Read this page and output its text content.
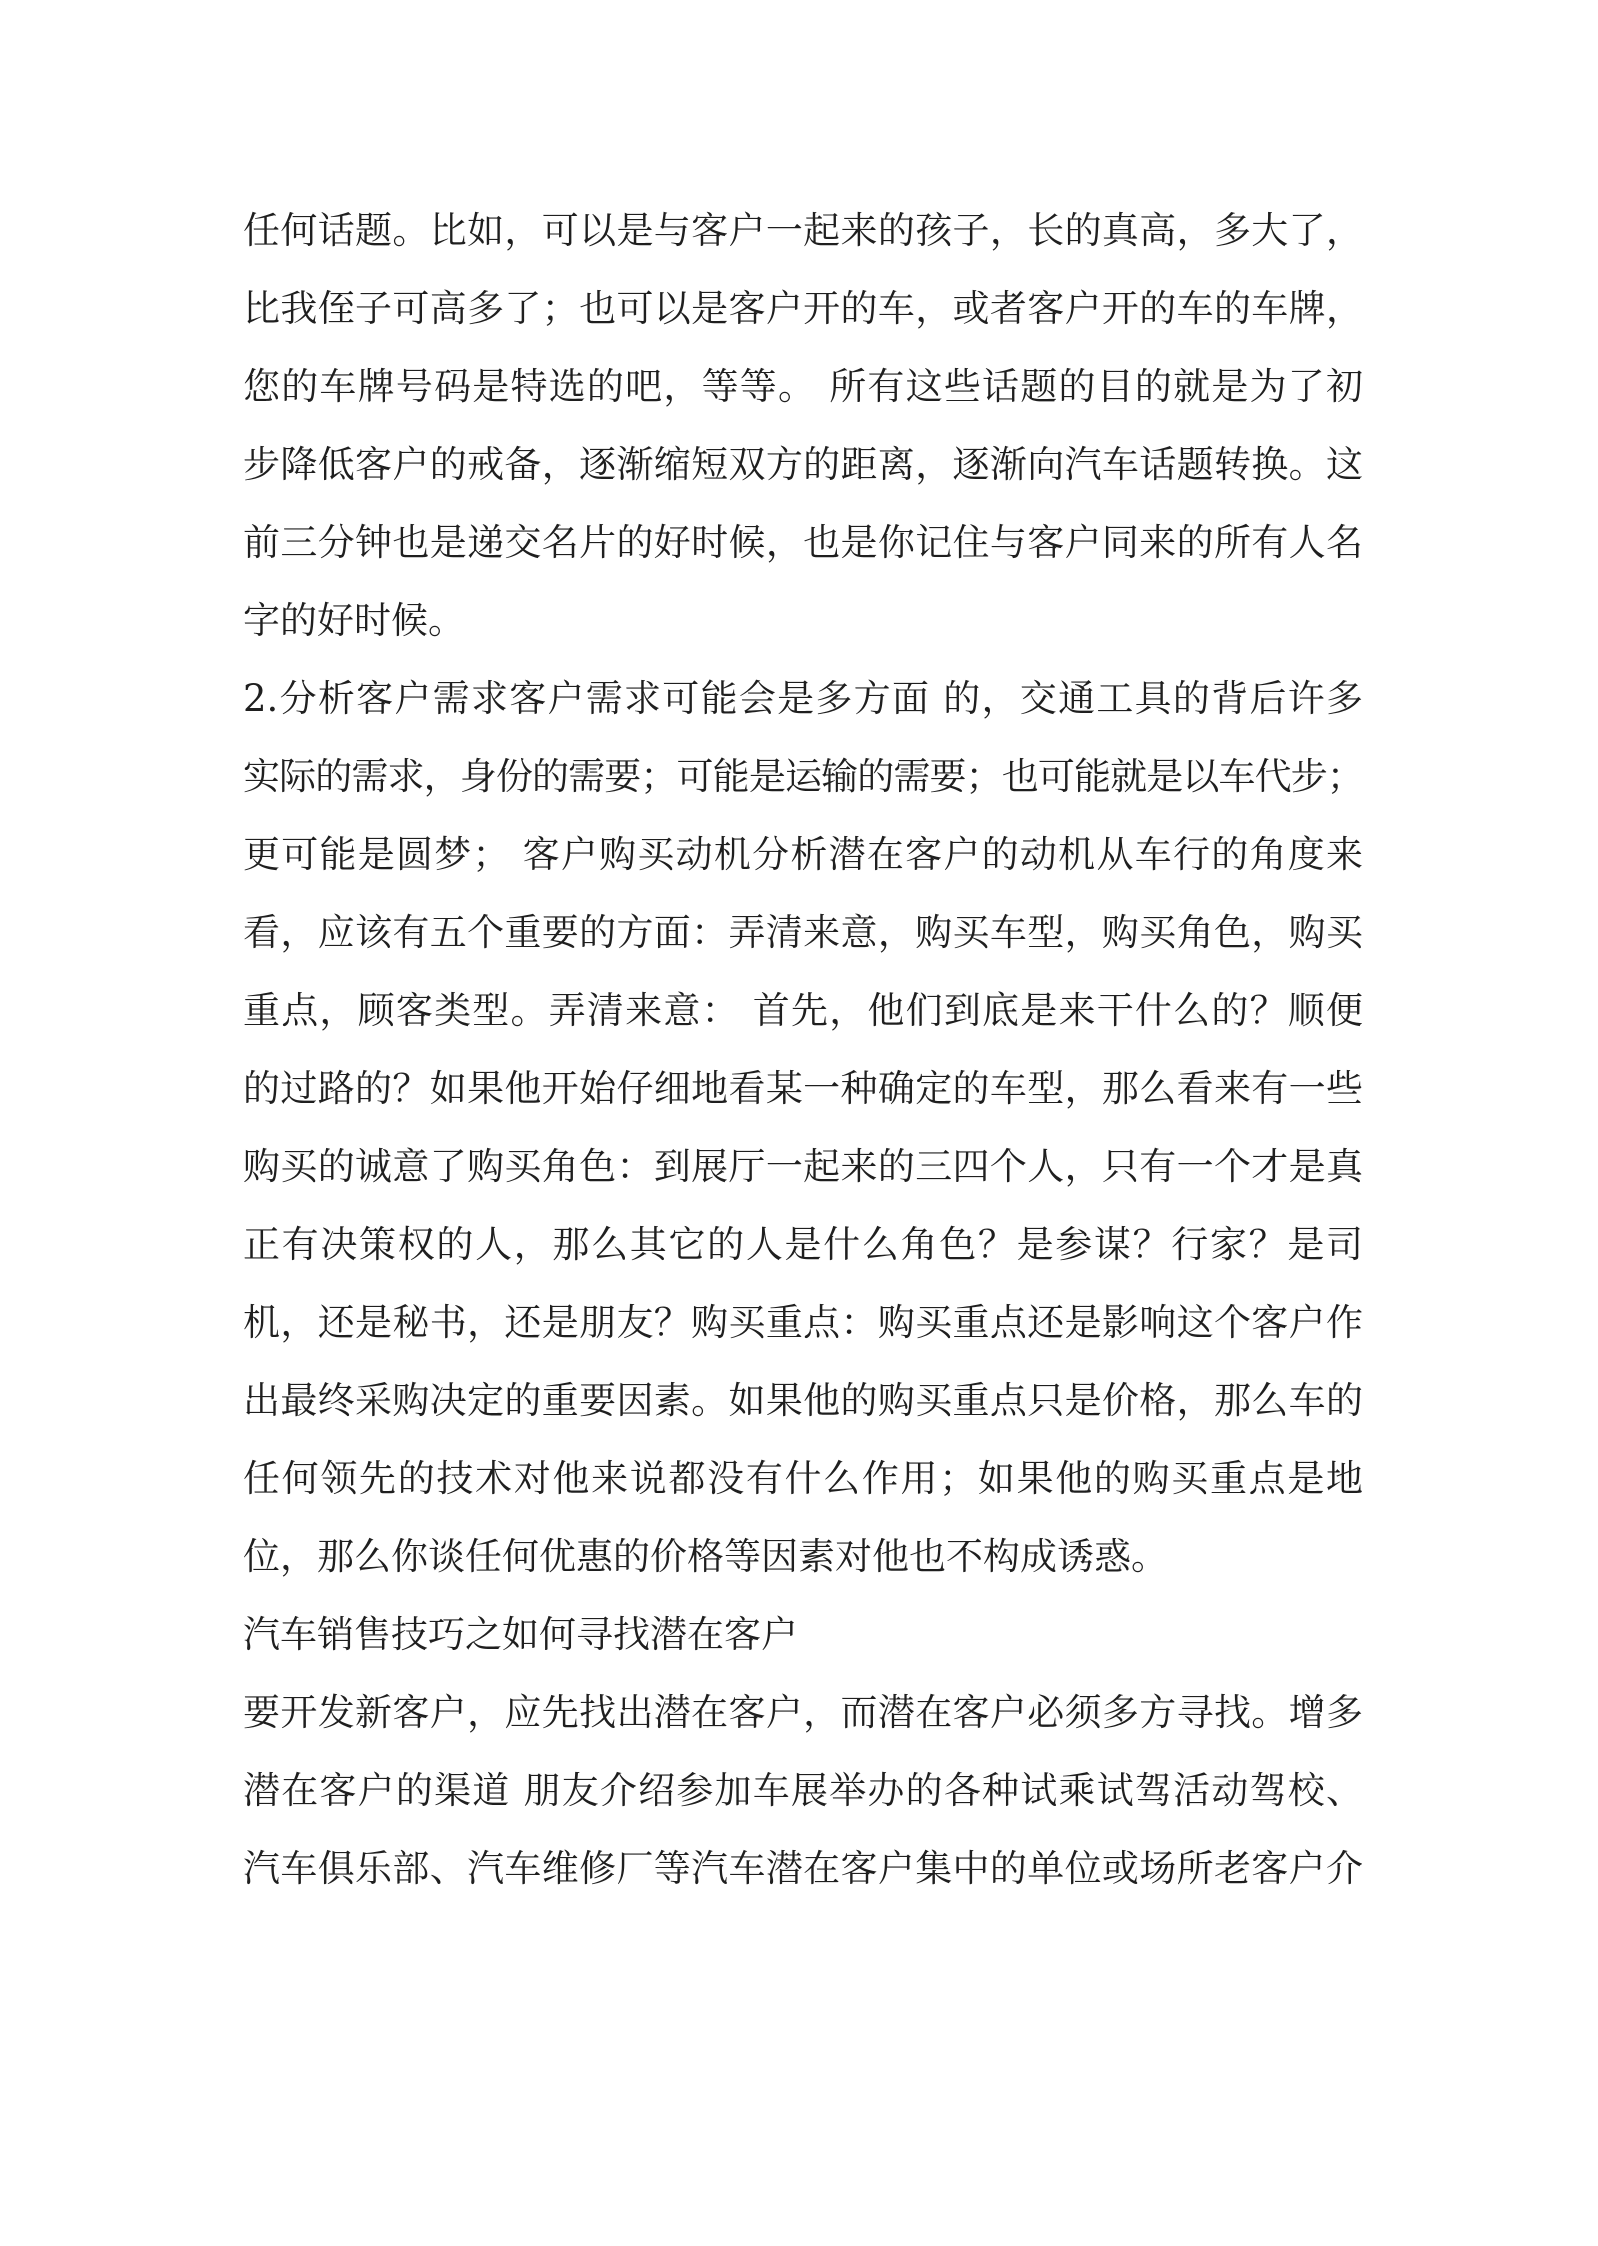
任何话题。比如，可以是与客户一起来的孩子，长的真高，多大了，
比我侄子可高多了；也可以是客户开的车，或者客户开的车的车牌，
您的车牌号码是特选的吧，等等。 所有这些话题的目的就是为了初
步降低客户的戒备，逐渐缩短双方的距离，逐渐向汽车话题转换。这
前三分钟也是递交名片的好时候，也是你记住与客户同来的所有人名
字的好时候。
2.分析客户需求客户需求可能会是多方面 的，交通工具的背后许多
实际的需求，身份的需要；可能是运输的需要；也可能就是以车代步；
更可能是圆梦； 客户购买动机分析潜在客户的动机从车行的角度来
看，应该有五个重要的方面：弄清来意，购买车型，购买角色，购买
重点，顾客类型。弄清来意： 首先，他们到底是来干什么的？顺便
的过路的？如果他开始仔细地看某一种确定的车型，那么看来有一些
购买的诚意了购买角色：到展厅一起来的三四个人，只有一个才是真
正有决策权的人，那么其它的人是什么角色？是参谋？行家？是司
机，还是秘书，还是朋友？购买重点：购买重点还是影响这个客户作
出最终采购决定的重要因素。如果他的购买重点只是价格，那么车的
任何领先的技术对他来说都没有什么作用；如果他的购买重点是地
位，那么你谈任何优惠的价格等因素对他也不构成诱惑。
汽车销售技巧之如何寻找潜在客户
要开发新客户，应先找出潜在客户，而潜在客户必须多方寻找。增多
潜在客户的渠道 朋友介绍参加车展举办的各种试乘试驾活动驾校、
汽车俱乐部、汽车维修厂等汽车潜在客户集中的单位或场所老客户介
